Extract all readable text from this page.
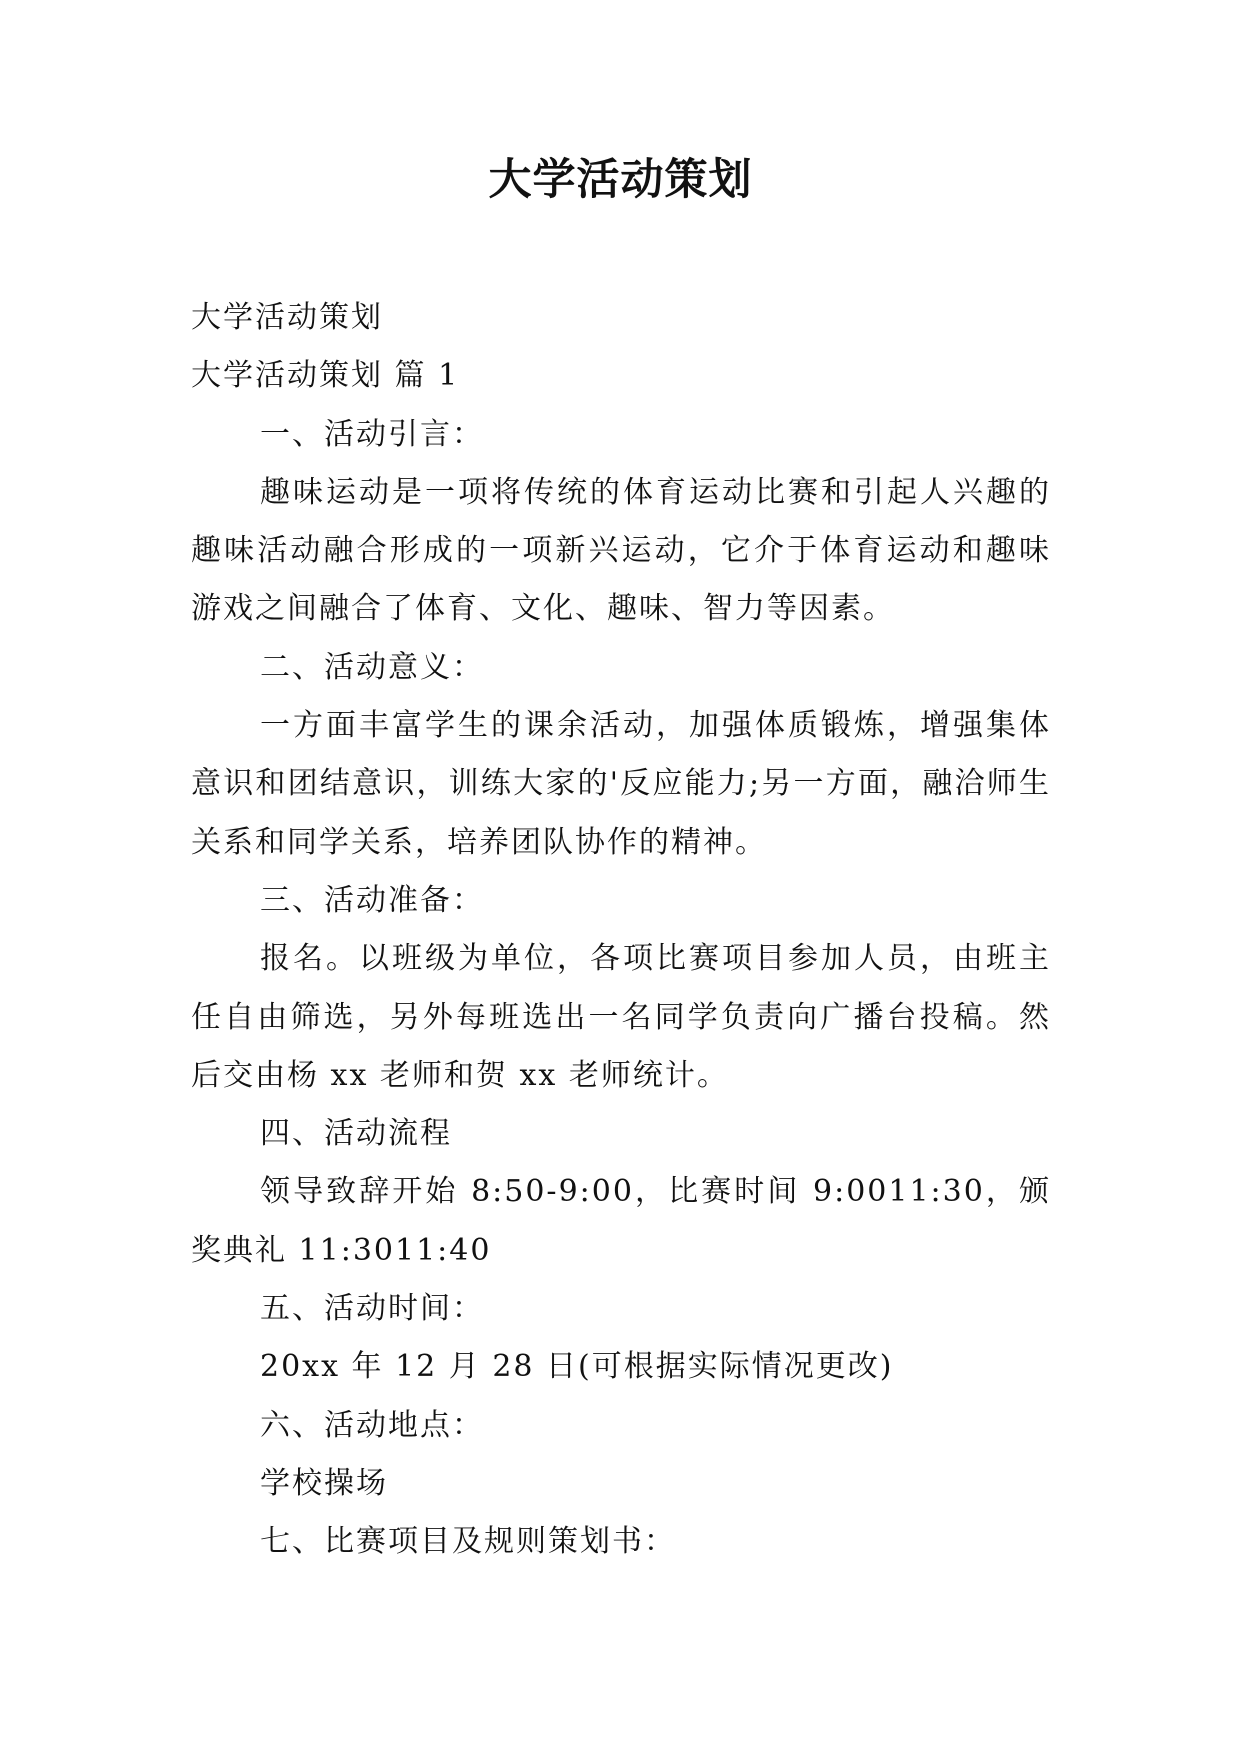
大学活动策划

大学活动策划

大学活动策划 篇 1

一、活动引言：

趣味运动是一项将传统的体育运动比赛和引起人兴趣的趣味活动融合形成的一项新兴运动，它介于体育运动和趣味游戏之间融合了体育、文化、趣味、智力等因素。

二、活动意义：

一方面丰富学生的课余活动，加强体质锻炼，增强集体意识和团结意识，训练大家的'反应能力;另一方面，融洽师生关系和同学关系，培养团队协作的精神。

三、活动准备：

报名。以班级为单位，各项比赛项目参加人员，由班主任自由筛选，另外每班选出一名同学负责向广播台投稿。然后交由杨 xx 老师和贺 xx 老师统计。

四、活动流程

领导致辞开始 8:50-9:00，比赛时间 9:0011:30，颁奖典礼 11:3011:40

五、活动时间：

20xx 年 12 月 28 日(可根据实际情况更改)

六、活动地点：

学校操场

七、比赛项目及规则策划书：
